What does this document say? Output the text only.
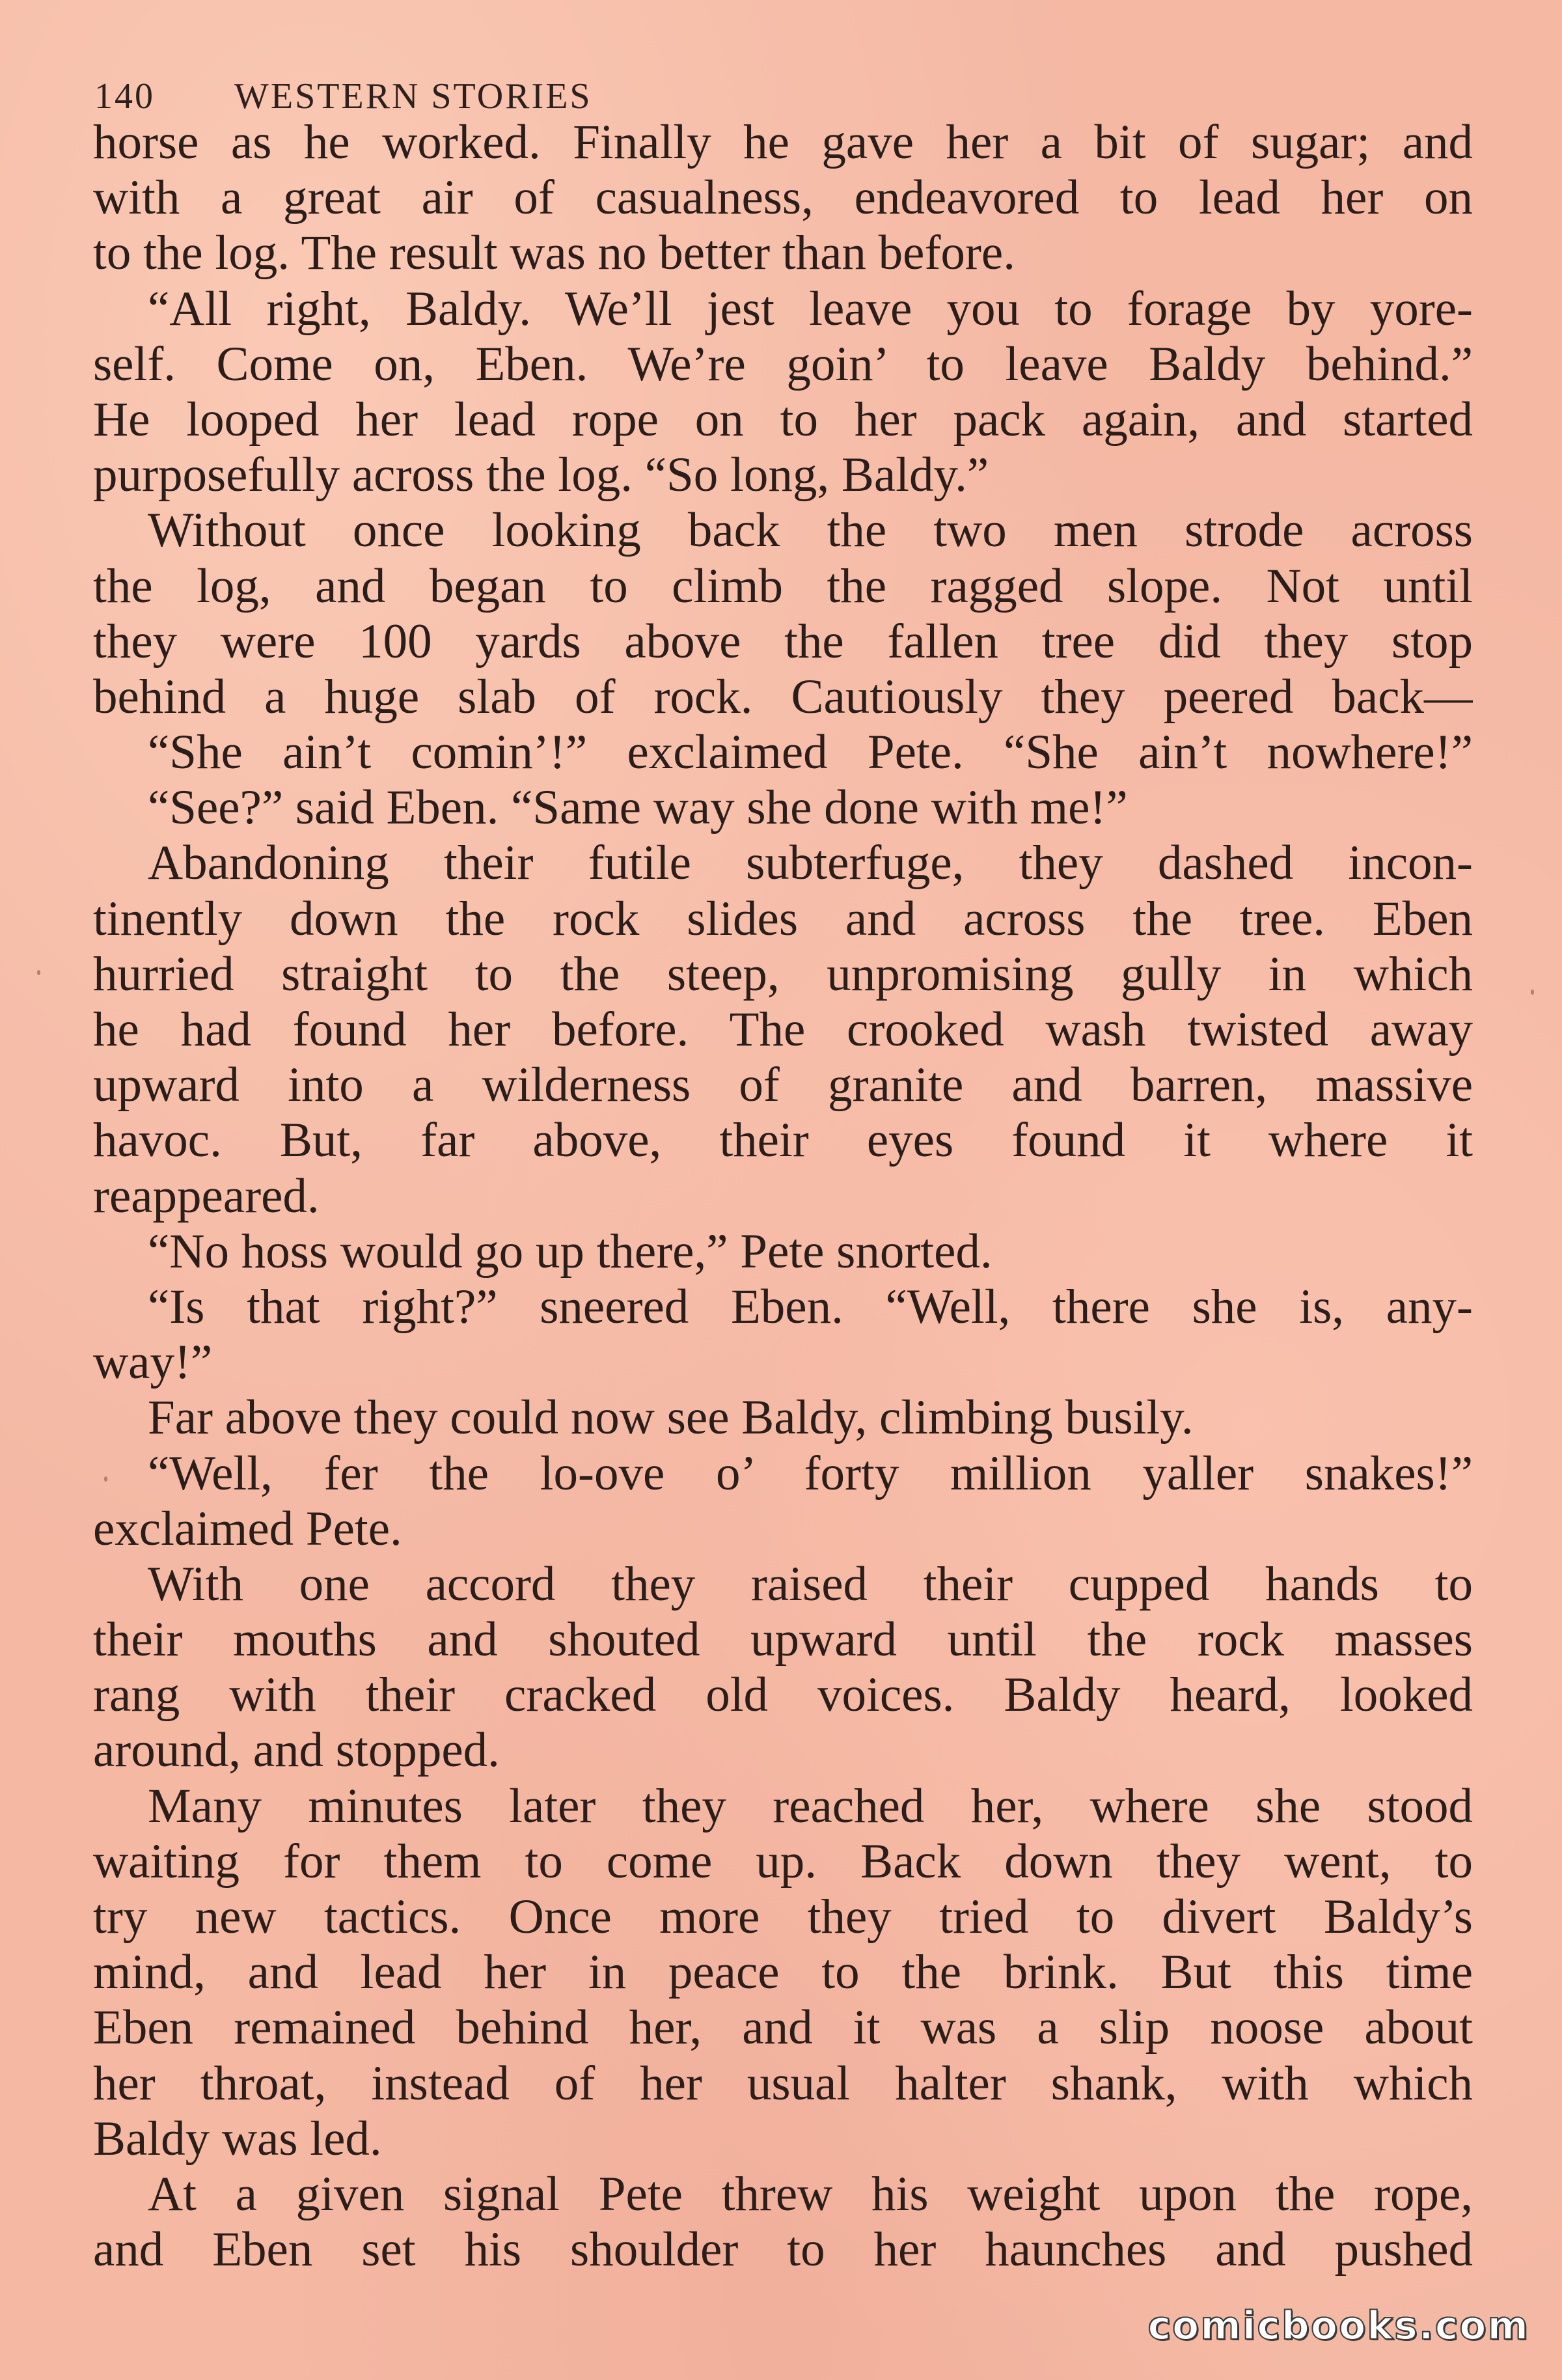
140 WESTERN STORIES
horse as he worked. Finally he gave her a bit of sugar; and
with a great air of casualness, endeavored to lead her on
to the log. The result was no better than before.
“All right, Baldy. We’ll jest leave you to forage by yore-
self. Come on, Eben. We’re goin’ to leave Baldy behind.”
He looped her lead rope on to her pack again, and started
purposefully across the log. “So long, Baldy.”
Without once looking back the two men strode across
the log, and began to climb the ragged slope. Not until
they were 100 yards above the fallen tree did they stop
behind a huge slab of rock. Cautiously they peered back—
“She ain’t comin’!” exclaimed Pete. “She ain’t nowhere!”
“See?” said Eben. “Same way she done with me!”
Abandoning their futile subterfuge, they dashed incon-
tinently down the rock slides and across the tree. Eben
hurried straight to the steep, unpromising gully in which
he had found her before. The crooked wash twisted away
upward into a wilderness of granite and barren, massive
havoc. But, far above, their eyes found it where it
reappeared.
“No hoss would go up there,” Pete snorted.
“Is that right?” sneered Eben. “Well, there she is, any-
way!”
Far above they could now see Baldy, climbing busily.
“Well, fer the lo-ove o’ forty million yaller snakes!”
exclaimed Pete.
With one accord they raised their cupped hands to
their mouths and shouted upward until the rock masses
rang with their cracked old voices. Baldy heard, looked
around, and stopped.
Many minutes later they reached her, where she stood
waiting for them to come up. Back down they went, to
try new tactics. Once more they tried to divert Baldy’s
mind, and lead her in peace to the brink. But this time
Eben remained behind her, and it was a slip noose about
her throat, instead of her usual halter shank, with which
Baldy was led.
At a given signal Pete threw his weight upon the rope,
and Eben set his shoulder to her haunches and pushed
comicbooks.com
